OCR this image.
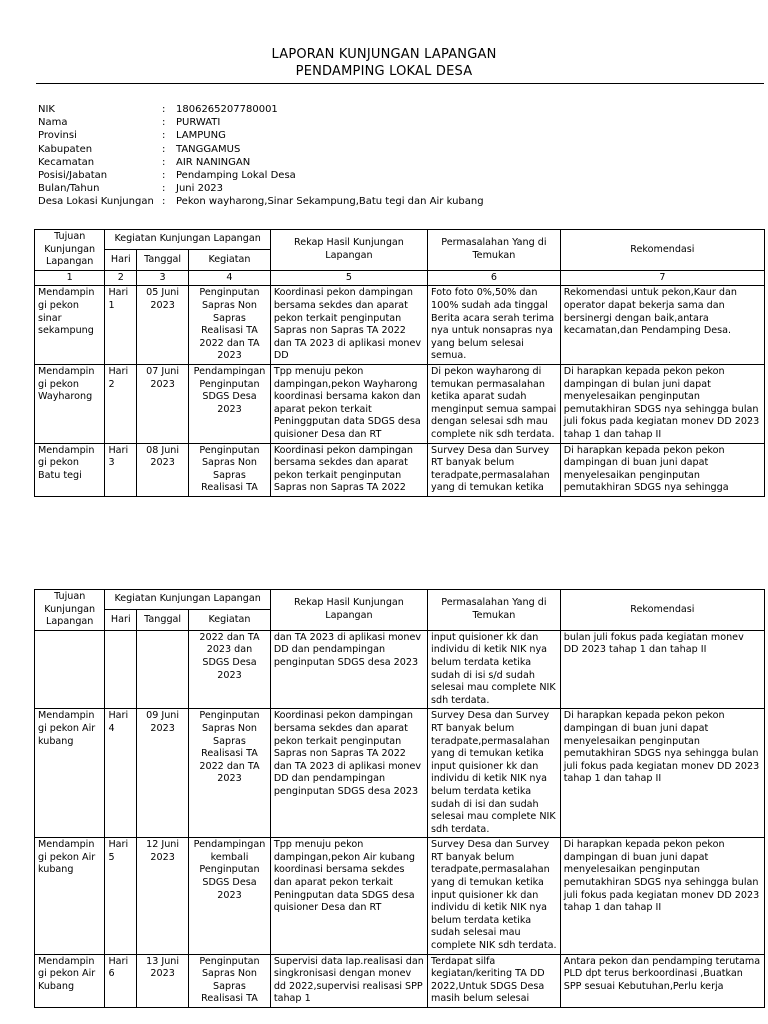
LAPORAN KUNJUNGAN LAPANGAN
PENDAMPING LOKAL DESA
NIK	:	1806265207780001
Nama	:	PURWATI
Provinsi	:	LAMPUNG
Kabupaten	:	TANGGAMUS
Kecamatan	:	AIR NANINGAN
Posisi/Jabatan	:	Pendamping Lokal Desa
Bulan/Tahun	:	Juni 2023
Desa Lokasi Kunjungan :	Pekon wayharong,Sinar Sekampung,Batu tegi dan Air kubang
Tujuan Kunjungan Lapangan	Kegiatan Kunjungan Lapangan			Rekap Hasil Kunjungan Lapangan	Permasalahan Yang di Temukan	Rekomendasi
	Hari	Tanggal	Kegiatan			
1	2	3	4	5	6	7
Mendampin gi pekon sinar sekampung	Hari 1	05 Juni 2023	Penginputan Sapras Non Sapras Realisasi TA 2022 dan TA 2023	Koordinasi pekon dampingan bersama sekdes dan aparat pekon terkait penginputan Sapras non Sapras TA 2022 dan TA 2023 di aplikasi monev DD	Foto foto 0%,50% dan 100% sudah ada tinggal Berita acara serah terima nya untuk nonsapras nya yang belum selesai semua.	Rekomendasi untuk pekon,Kaur dan operator dapat bekerja sama dan bersinergi dengan baik,antara kecamatan,dan Pendamping Desa.
Mendampin gi pekon Wayharong	Hari 2	07 Juni 2023	Pendampingan Penginputan SDGS Desa 2023	Tpp menuju pekon dampingan,pekon Wayharong koordinasi bersama kakon dan aparat pekon terkait Peninggputan data SDGS desa quisioner Desa dan RT	Di pekon wayharong di temukan permasalahan ketika aparat sudah menginput semua sampai dengan selesai sdh mau complete nik sdh terdata.	Di harapkan kepada pekon pekon dampingan di bulan juni dapat menyelesaikan penginputan pemutakhiran SDGS nya sehingga bulan juli fokus pada kegiatan monev DD 2023 tahap 1 dan tahap II
Mendampin gi pekon Batu tegi	Hari 3	08 Juni 2023	Penginputan Sapras Non Sapras Realisasi TA	Koordinasi pekon dampingan bersama sekdes dan aparat pekon terkait penginputan Sapras non Sapras TA 2022	Survey Desa dan Survey RT banyak belum teradpate,permasalahan yang di temukan ketika	Di harapkan kepada pekon pekon dampingan di buan juni dapat menyelesaikan penginputan pemutakhiran SDGS nya sehingga
Tujuan Kunjungan Lapangan	Kegiatan Kunjungan Lapangan			Rekap Hasil Kunjungan Lapangan	Permasalahan Yang di Temukan	Rekomendasi
	Hari	Tanggal	Kegiatan			
			2022 dan TA 2023 dan SDGS Desa 2023	dan TA 2023 di aplikasi monev DD dan pendampingan penginputan SDGS desa 2023	input quisioner kk dan individu di ketik NIK nya belum terdata ketika sudah di isi s/d sudah selesai mau complete NIK sdh terdata.	bulan juli fokus pada kegiatan monev DD 2023 tahap 1 dan tahap II
Mendampin gi pekon Air kubang	Hari 4	09 Juni 2023	Penginputan Sapras Non Sapras Realisasi TA 2022 dan TA 2023	Koordinasi pekon dampingan bersama sekdes dan aparat pekon terkait penginputan Sapras non Sapras TA 2022 dan TA 2023 di aplikasi monev DD dan pendampingan penginputan SDGS desa 2023	Survey Desa dan Survey RT banyak belum teradpate,permasalahan yang di temukan ketika input quisioner kk dan individu di ketik NIK nya belum terdata ketika sudah di isi dan sudah selesai mau complete NIK sdh terdata.	Di harapkan kepada pekon pekon dampingan di buan juni dapat menyelesaikan penginputan pemutakhiran SDGS nya sehingga bulan juli fokus pada kegiatan monev DD 2023 tahap 1 dan tahap II
Mendampin gi pekon Air kubang	Hari 5	12 Juni 2023	Pendampingan kembali Penginputan SDGS Desa 2023	Tpp menuju pekon dampingan,pekon Air kubang koordinasi bersama sekdes dan aparat pekon terkait Peningputan data SDGS desa quisioner Desa dan RT	Survey Desa dan Survey RT banyak belum teradpate,permasalahan yang di temukan ketika input quisioner kk dan individu di ketik NIK nya belum terdata ketika sudah selesai mau complete NIK sdh terdata.	Di harapkan kepada pekon pekon dampingan di buan juni dapat menyelesaikan penginputan pemutakhiran SDGS nya sehingga bulan juli fokus pada kegiatan monev DD 2023 tahap 1 dan tahap II
Mendampin gi pekon Air Kubang	Hari 6	13 Juni 2023	Penginputan Sapras Non Sapras Realisasi TA	Supervisi data lap.realisasi dan singkronisasi dengan monev dd 2022,supervisi realisasi SPP tahap 1	Terdapat silfa kegiatan/keriting TA DD 2022,Untuk SDGS Desa masih belum selesai	Antara pekon dan pendamping terutama PLD dpt terus berkoordinasi ,Buatkan SPP sesuai Kebutuhan,Perlu kerja
